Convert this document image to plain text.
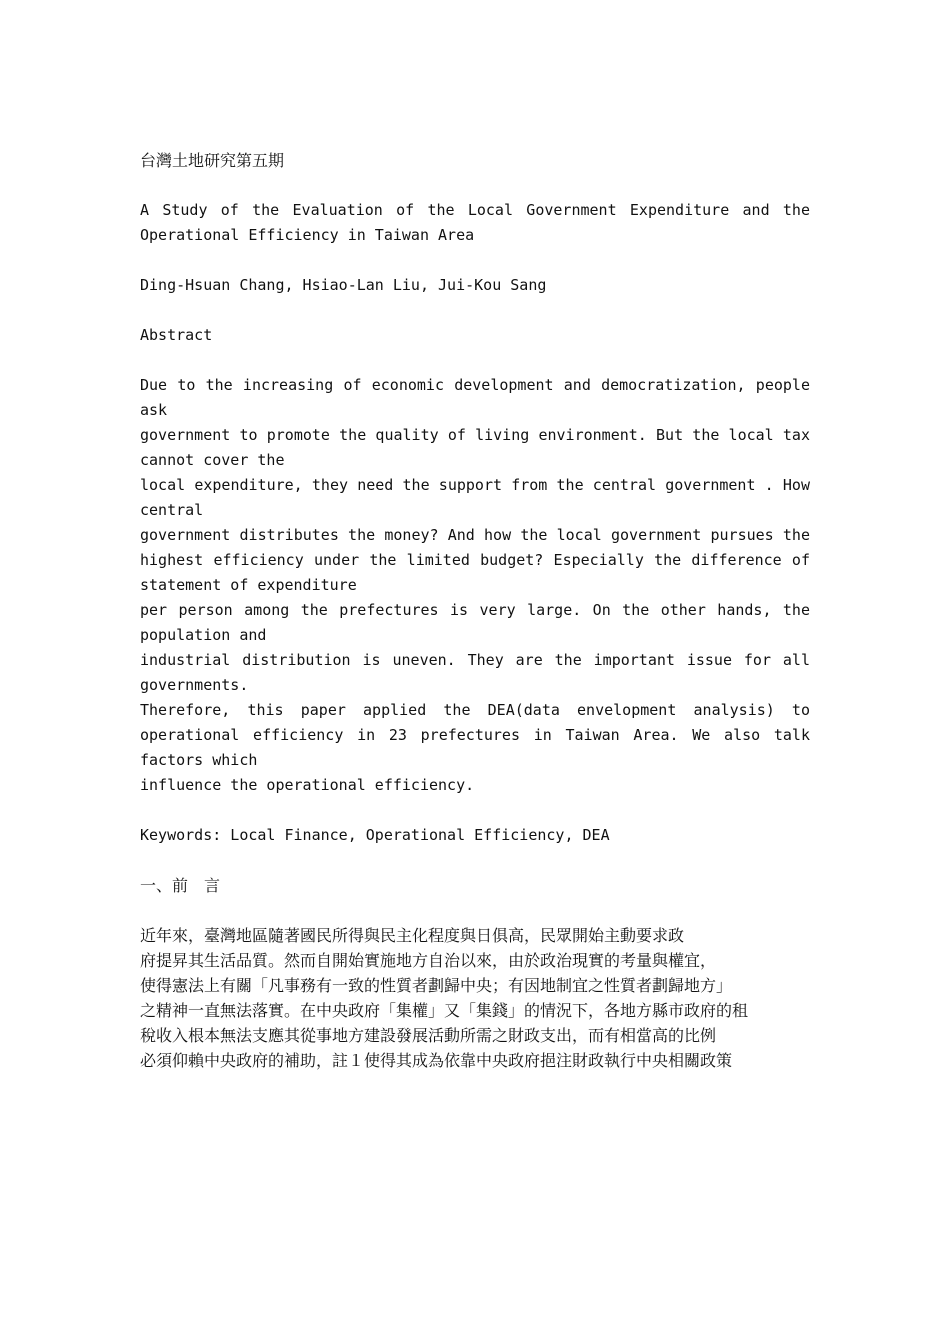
台灣土地研究第五期
A Study of the Evaluation of the Local Government Expenditure and the
Operational Efficiency in Taiwan Area
Ding-Hsuan Chang, Hsiao-Lan Liu, Jui-Kou Sang
Abstract
Due to the increasing of economic development and democratization, people
ask
government to promote the quality of living environment. But the local tax
cannot cover the
local expenditure, they need the support from the central government . How
central
government distributes the money? And how the local government pursues the
highest efficiency under the limited budget? Especially the difference of
statement of expenditure
per person among the prefectures is very large. On the other hands, the
population and
industrial distribution is uneven. They are the important issue for all
governments.
Therefore, this paper applied the DEA(data envelopment analysis) to
operational efficiency in 23 prefectures in Taiwan Area. We also talk
factors which
influence the operational efficiency.
Keywords: Local Finance, Operational Efficiency, DEA
一、前　言
近年來，臺灣地區隨著國民所得與民主化程度與日俱高，民眾開始主動要求政
府提昇其生活品質。然而自開始實施地方自治以來，由於政治現實的考量與權宜，
使得憲法上有關「凡事務有一致的性質者劃歸中央；有因地制宜之性質者劃歸地方」
之精神一直無法落實。在中央政府「集權」又「集錢」的情況下，各地方縣市政府的租
稅收入根本無法支應其從事地方建設發展活動所需之財政支出，而有相當高的比例
必須仰賴中央政府的補助，註１使得其成為依靠中央政府挹注財政執行中央相關政策
